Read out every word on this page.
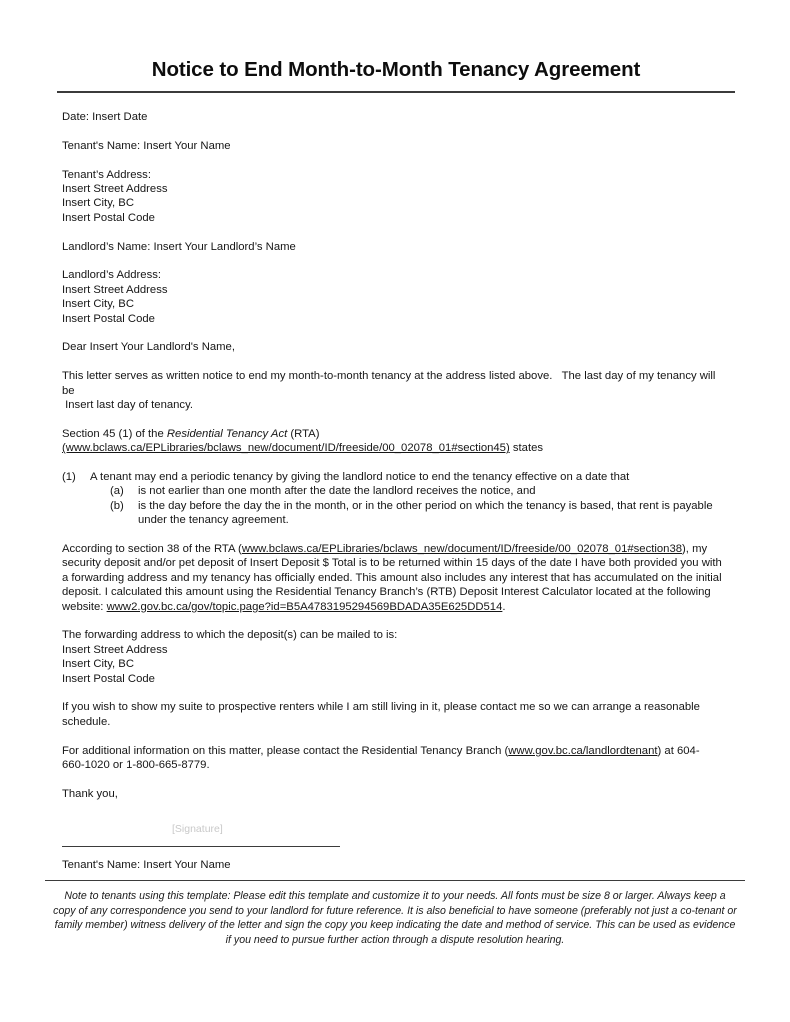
Notice to End Month-to-Month Tenancy Agreement

Date: Insert Date

Tenant's Name: Insert Your Name

Tenant’s Address:
Insert Street Address
Insert City, BC
Insert Postal Code

Landlord’s Name: Insert Your Landlord’s Name

Landlord’s Address:
Insert Street Address
Insert City, BC
Insert Postal Code

Dear Insert Your Landlord's Name,

This letter serves as written notice to end my month-to-month tenancy at the address listed above.   The last day of my tenancy will be
Insert last day of tenancy.
Section 45 (1) of the Residential Tenancy Act (RTA)
(www.bclaws.ca/EPLibraries/bclaws_new/document/ID/freeside/00_02078_01#section45) states
(1)	A tenant may end a periodic tenancy by giving the landlord notice to end the tenancy effective on a date that
(a)	is not earlier than one month after the date the landlord receives the notice, and
(b)	is the day before the day the in the month, or in the other period on which the tenancy is based, that rent is payable under the tenancy agreement.

According to section 38 of the RTA (www.bclaws.ca/EPLibraries/bclaws_new/document/ID/freeside/00_02078_01#section38), my security deposit and/or pet deposit of Insert Deposit $ Total is to be returned within 15 days of the date I have both provided you with a forwarding address and my tenancy has officially ended. This amount also includes any interest that has accumulated on the initial deposit. I calculated this amount using the Residential Tenancy Branch’s (RTB) Deposit Interest Calculator located at the following website: www2.gov.bc.ca/gov/topic.page?id=B5A4783195294569BDADA35E625DD514.

The forwarding address to which the deposit(s) can be mailed to is:
Insert Street Address
Insert City, BC
Insert Postal Code

If you wish to show my suite to prospective renters while I am still living in it, please contact me so we can arrange a reasonable schedule.

For additional information on this matter, please contact the Residential Tenancy Branch (www.gov.bc.ca/landlordtenant) at 604-660-1020 or 1-800-665-8779.

Thank you,

[Signature]

Tenant's Name: Insert Your Name

Note to tenants using this template: Please edit this template and customize it to your needs. All fonts must be size 8 or larger. Always keep a copy of any correspondence you send to your landlord for future reference. It is also beneficial to have someone (preferably not just a co-tenant or family member) witness delivery of the letter and sign the copy you keep indicating the date and method of service. This can be used as evidence if you need to pursue further action through a dispute resolution hearing.
